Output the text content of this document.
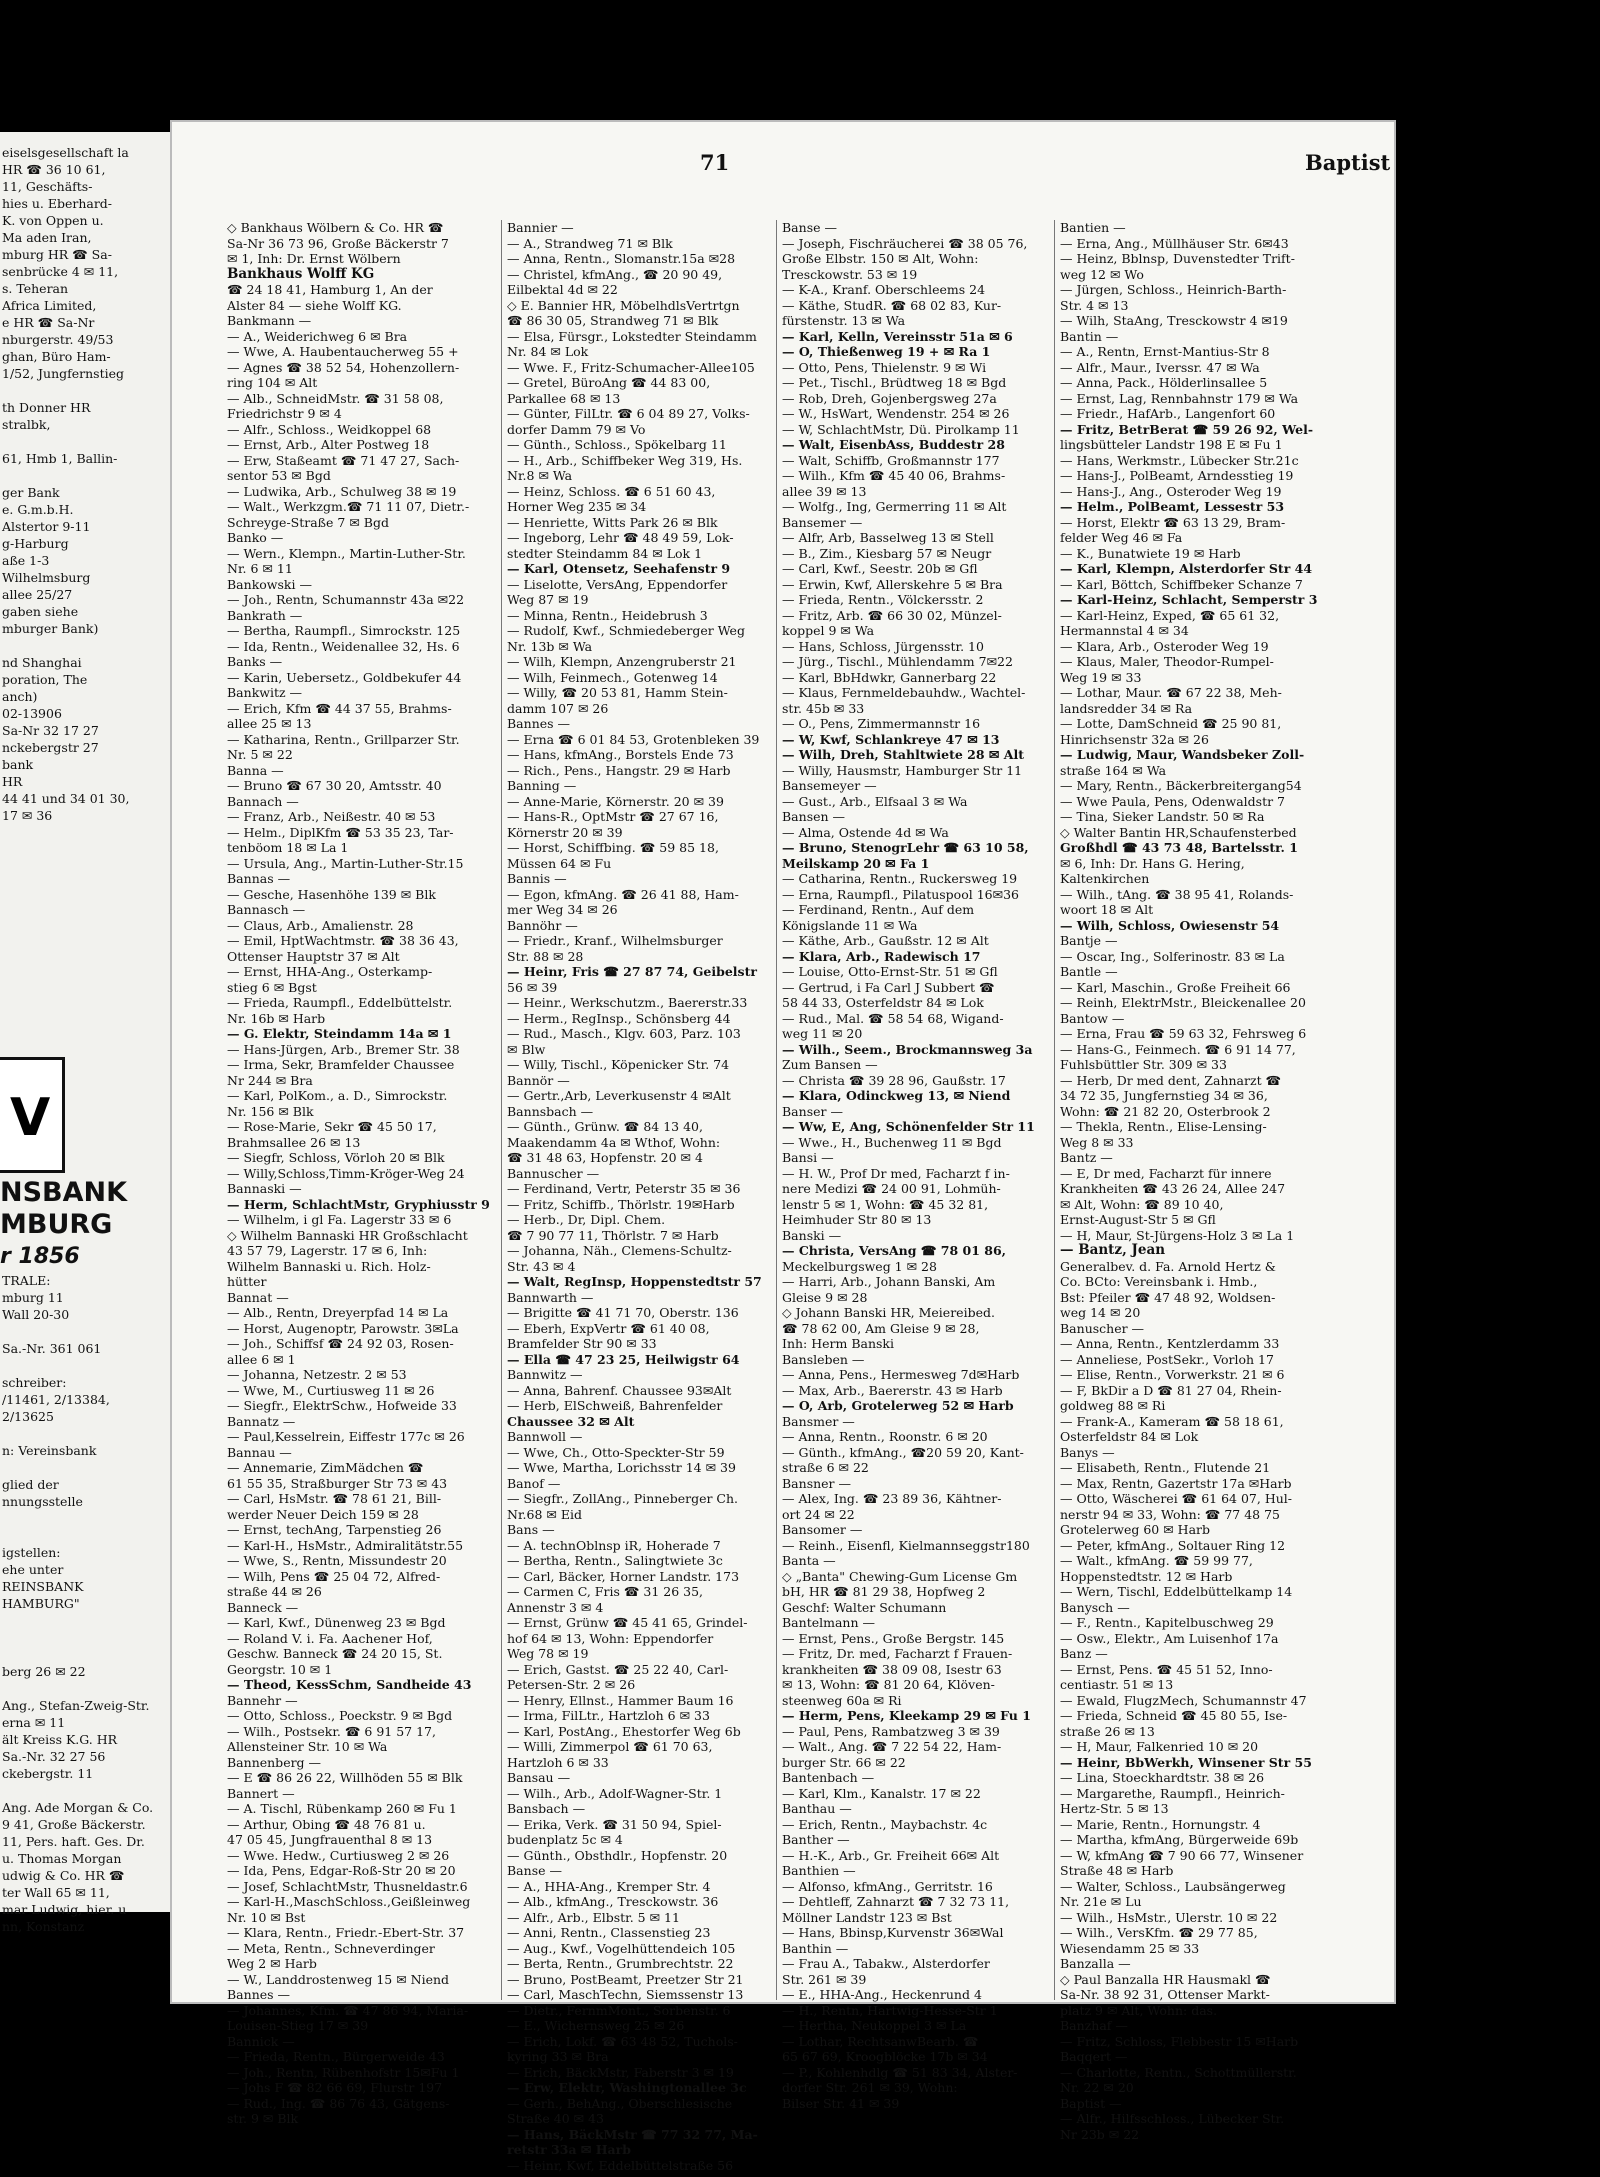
eiselsgesellschaft la
HR ☎ 36 10 61,
11, Geschäfts-
hies u. Eberhard-
K. von Oppen u.
Ma aden Iran,
mburg HR ☎ Sa-
senbrücke 4 ✉ 11,
s. Teheran
Africa Limited,
e HR ☎ Sa-Nr
nburgerstr. 49/53
ghan, Büro Ham-
1/52, Jungfernstieg

th Donner HR
stralbk,

61, Hmb 1, Ballin-

ger Bank
e. G.m.b.H.
Alstertor 9-11
g-Harburg
aße 1-3
Wilhelmsburg
allee 25/27
gaben siehe
mburger Bank)

nd Shanghai
poration, The
anch)
02-13906
Sa-Nr 32 17 27
nckebergstr 27
bank
HR
44 41 und 34 01 30,
17 ✉ 36
V
NSBANK
MBURG
r 1856
TRALE:
mburg 11
Wall 20-30

Sa.-Nr. 361 061

schreiber:
/11461, 2/13384,
2/13625

n: Vereinsbank

glied der
nnungsstelle

igstellen:
ehe unter
REINSBANK
HAMBURG"

berg 26 ✉ 22

Ang., Stefan-Zweig-Str.
erna ✉ 11
ält Kreiss K.G. HR
Sa.-Nr. 32 27 56
ckebergstr. 11

Ang. Ade Morgan & Co.
9 41, Große Bäckerstr.
11, Pers. haft. Ges. Dr.
u. Thomas Morgan
udwig & Co. HR ☎
ter Wall 65 ✉ 11,
mar Ludwig, hier. u
nn, Konstanz
71	Baptist
◇ Bankhaus Wölbern & Co. HR ☎
Sa-Nr 36 73 96, Große Bäckerstr 7
✉ 1, Inh: Dr. Ernst Wölbern
Bankhaus Wolff KG
☎ 24 18 41, Hamburg 1, An der
Alster 84 — siehe Wolff KG.
Bankmann —
— A., Weiderichweg 6 ✉ Bra
— Wwe, A. Haubentaucherweg 55 +
— Agnes ☎ 38 52 54, Hohenzollern-
ring 104 ✉ Alt
— Alb., SchneidMstr. ☎ 31 58 08,
Friedrichstr 9 ✉ 4
— Alfr., Schloss., Weidkoppel 68
— Ernst, Arb., Alter Postweg 18
— Erw, Staßeamt ☎ 71 47 27, Sach-
sentor 53 ✉ Bgd
— Ludwika, Arb., Schulweg 38 ✉ 19
— Walt., Werkzgm.☎ 71 11 07, Dietr.-
Schreyge-Straße 7 ✉ Bgd
Banko —
— Wern., Klempn., Martin-Luther-Str.
Nr. 6 ✉ 11
Bankowski —
— Joh., Rentn, Schumannstr 43a ✉22
Bankrath —
— Bertha, Raumpfl., Simrockstr. 125
— Ida, Rentn., Weidenallee 32, Hs. 6
Banks —
— Karin, Uebersetz., Goldbekufer 44
Bankwitz —
— Erich, Kfm ☎ 44 37 55, Brahms-
allee 25 ✉ 13
— Katharina, Rentn., Grillparzer Str.
Nr. 5 ✉ 22
Banna —
— Bruno ☎ 67 30 20, Amtsstr. 40
Bannach —
— Franz, Arb., Neißestr. 40 ✉ 53
— Helm., DiplKfm ☎ 53 35 23, Tar-
tenböom 18 ✉ La 1
— Ursula, Ang., Martin-Luther-Str.15
Bannas —
— Gesche, Hasenhöhe 139 ✉ Blk
Bannasch —
— Claus, Arb., Amalienstr. 28
— Emil, HptWachtmstr. ☎ 38 36 43,
Ottenser Hauptstr 37 ✉ Alt
— Ernst, HHA-Ang., Osterkamp-
stieg 6 ✉ Bgst
— Frieda, Raumpfl., Eddelbüttelstr.
Nr. 16b ✉ Harb
— G. Elektr, Steindamm 14a ✉ 1
— Hans-Jürgen, Arb., Bremer Str. 38
— Irma, Sekr, Bramfelder Chaussee
Nr 244 ✉ Bra
— Karl, PolKom., a. D., Simrockstr.
Nr. 156 ✉ Blk
— Rose-Marie, Sekr ☎ 45 50 17,
Brahmsallee 26 ✉ 13
— Siegfr, Schloss, Vörloh 20 ✉ Blk
— Willy,Schloss,Timm-Kröger-Weg 24
Bannaski —
— Herm, SchlachtMstr, Gryphiusstr 9
— Wilhelm, i gl Fa. Lagerstr 33 ✉ 6
◇ Wilhelm Bannaski HR Großschlacht
43 57 79, Lagerstr. 17 ✉ 6, Inh:
Wilhelm Bannaski u. Rich. Holz-
hütter
Bannat —
— Alb., Rentn, Dreyerpfad 14 ✉ La
— Horst, Augenoptr, Parowstr. 3✉La
— Joh., Schiffsf ☎ 24 92 03, Rosen-
allee 6 ✉ 1
— Johanna, Netzestr. 2 ✉ 53
— Wwe, M., Curtiusweg 11 ✉ 26
— Siegfr., ElektrSchw., Hofweide 33
Bannatz —
— Paul,Kesselrein, Eiffestr 177c ✉ 26
Bannau —
— Annemarie, ZimMädchen ☎
61 55 35, Straßburger Str 73 ✉ 43
— Carl, HsMstr. ☎ 78 61 21, Bill-
werder Neuer Deich 159 ✉ 28
— Ernst, techAng, Tarpenstieg 26
— Karl-H., HsMstr., Admiralitätstr.55
— Wwe, S., Rentn, Missundestr 20
— Wilh, Pens ☎ 25 04 72, Alfred-
straße 44 ✉ 26
Banneck —
— Karl, Kwf., Dünenweg 23 ✉ Bgd
— Roland V. i. Fa. Aachener Hof,
Geschw. Banneck ☎ 24 20 15, St.
Georgstr. 10 ✉ 1
— Theod, KessSchm, Sandheide 43
Bannehr —
— Otto, Schloss., Poeckstr. 9 ✉ Bgd
— Wilh., Postsekr. ☎ 6 91 57 17,
Allensteiner Str. 10 ✉ Wa
Bannenberg —
— E ☎ 86 26 22, Willhöden 55 ✉ Blk
Bannert —
— A. Tischl, Rübenkamp 260 ✉ Fu 1
— Arthur, Obing ☎ 48 76 81 u.
47 05 45, Jungfrauenthal 8 ✉ 13
— Wwe. Hedw., Curtiusweg 2 ✉ 26
— Ida, Pens, Edgar-Roß-Str 20 ✉ 20
— Josef, SchlachtMstr, Thusneldastr.6
— Karl-H.,MaschSchloss.,Geißleinweg
Nr. 10 ✉ Bst
— Klara, Rentn., Friedr.-Ebert-Str. 37
— Meta, Rentn., Schneverdinger
Weg 2 ✉ Harb
— W., Landdrostenweg 15 ✉ Niend
Bannes —
— Johannes, Kfm. ☎ 47 86 94, Maria-
Louisen-Stieg 17 ✉ 39
Bannick —
— Frieda, Rentn., Bürgerweide 43
— Joh., Rentn, Rübenhofstr 15✉Fu 1
— Johs F ☎ 82 66 69, Flurstr 197
— Rud., Ing. ☎ 86 76 43, Gätgens-
str. 9 ✉ Blk
Bannier —
— A., Strandweg 71 ✉ Blk
— Anna, Rentn., Slomanstr.15a ✉28
— Christel, kfmAng., ☎ 20 90 49,
Eilbektal 4d ✉ 22
◇ E. Bannier HR, MöbelhdlsVertrtgn
☎ 86 30 05, Strandweg 71 ✉ Blk
— Elsa, Fürsgr., Lokstedter Steindamm
Nr. 84 ✉ Lok
— Wwe. F., Fritz-Schumacher-Allee105
— Gretel, BüroAng ☎ 44 83 00,
Parkallee 68 ✉ 13
— Günter, FilLtr. ☎ 6 04 89 27, Volks-
dorfer Damm 79 ✉ Vo
— Günth., Schloss., Spökelbarg 11
— H., Arb., Schiffbeker Weg 319, Hs.
Nr.8 ✉ Wa
— Heinz, Schloss. ☎ 6 51 60 43,
Horner Weg 235 ✉ 34
— Henriette, Witts Park 26 ✉ Blk
— Ingeborg, Lehr ☎ 48 49 59, Lok-
stedter Steindamm 84 ✉ Lok 1
— Karl, Otensetz, Seehafenstr 9
— Liselotte, VersAng, Eppendorfer
Weg 87 ✉ 19
— Minna, Rentn., Heidebrush 3
— Rudolf, Kwf., Schmiedeberger Weg
Nr. 13b ✉ Wa
— Wilh, Klempn, Anzengruberstr 21
— Wilh, Feinmech., Gotenweg 14
— Willy, ☎ 20 53 81, Hamm Stein-
damm 107 ✉ 26
Bannes —
— Erna ☎ 6 01 84 53, Grotenbleken 39
— Hans, kfmAng., Borstels Ende 73
— Rich., Pens., Hangstr. 29 ✉ Harb
Banning —
— Anne-Marie, Körnerstr. 20 ✉ 39
— Hans-R., OptMstr ☎ 27 67 16,
Körnerstr 20 ✉ 39
— Horst, Schiffbing. ☎ 59 85 18,
Müssen 64 ✉ Fu
Bannis —
— Egon, kfmAng. ☎ 26 41 88, Ham-
mer Weg 34 ✉ 26
Bannöhr —
— Friedr., Kranf., Wilhelmsburger
Str. 88 ✉ 28
— Heinr, Fris ☎ 27 87 74, Geibelstr
56 ✉ 39
— Heinr., Werkschutzm., Baererstr.33
— Herm., RegInsp., Schönsberg 44
— Rud., Masch., Klgv. 603, Parz. 103
✉ Blw
— Willy, Tischl., Köpenicker Str. 74
Bannör —
— Gertr.,Arb, Leverkusenstr 4 ✉Alt
Bannsbach —
— Günth., Grünw. ☎ 84 13 40,
Maakendamm 4a ✉ Wthof, Wohn:
☎ 31 48 63, Hopfenstr. 20 ✉ 4
Bannuscher —
— Ferdinand, Vertr, Peterstr 35 ✉ 36
— Fritz, Schiffb., Thörlstr. 19✉Harb
— Herb., Dr, Dipl. Chem.
☎ 7 90 77 11, Thörlstr. 7 ✉ Harb
— Johanna, Näh., Clemens-Schultz-
Str. 43 ✉ 4
— Walt, RegInsp, Hoppenstedtstr 57
Bannwarth —
— Brigitte ☎ 41 71 70, Oberstr. 136
— Eberh, ExpVertr ☎ 61 40 08,
Bramfelder Str 90 ✉ 33
— Ella ☎ 47 23 25, Heilwigstr 64
Bannwitz —
— Anna, Bahrenf. Chaussee 93✉Alt
— Herb, ElSchweiß, Bahrenfelder
Chaussee 32 ✉ Alt
Bannwoll —
— Wwe, Ch., Otto-Speckter-Str 59
— Wwe, Martha, Lorichsstr 14 ✉ 39
Banof —
— Siegfr., ZollAng., Pinneberger Ch.
Nr.68 ✉ Eid
Bans —
— A. technOblnsp iR, Hoherade 7
— Bertha, Rentn., Salingtwiete 3c
— Carl, Bäcker, Horner Landstr. 173
— Carmen C, Fris ☎ 31 26 35,
Annenstr 3 ✉ 4
— Ernst, Grünw ☎ 45 41 65, Grindel-
hof 64 ✉ 13, Wohn: Eppendorfer
Weg 78 ✉ 19
— Erich, Gastst. ☎ 25 22 40, Carl-
Petersen-Str. 2 ✉ 26
— Henry, Ellnst., Hammer Baum 16
— Irma, FilLtr., Hartzloh 6 ✉ 33
— Karl, PostAng., Ehestorfer Weg 6b
— Willi, Zimmerpol ☎ 61 70 63,
Hartzloh 6 ✉ 33
Bansau —
— Wilh., Arb., Adolf-Wagner-Str. 1
Bansbach —
— Erika, Verk. ☎ 31 50 94, Spiel-
budenplatz 5c ✉ 4
— Günth., Obsthdlr., Hopfenstr. 20
Banse —
— A., HHA-Ang., Kremper Str. 4
— Alb., kfmAng., Tresckowstr. 36
— Alfr., Arb., Elbstr. 5 ✉ 11
— Anni, Rentn., Classenstieg 23
— Aug., Kwf., Vogelhüttendeich 105
— Berta, Rentn., Grumbrechtstr. 22
— Bruno, PostBeamt, Preetzer Str 21
— Carl, MaschTechn, Siemssenstr 13
— Dietr., FernmMont., Sorbenstr. 6
— E., Wichernsweg 25 ✉ 26
— Erich, Lokf. ☎ 63 48 52, Tuchols-
kyring 33 ✉ Bra
— Erich, BäckMstr, Faberstr 3 ✉ 19
— Erw, Elektr, Washingtonallee 3c
— Gerh., BehAng., Oberschlesische
Straße 40 ✉ 43
— Hans, BäckMstr ☎ 77 32 77, Ma-
retstr 33a ✉ Harb
— Heinr, Kwf, Eddelbüttelstraße 56
Banse —
— Joseph, Fischräucherei ☎ 38 05 76,
Große Elbstr. 150 ✉ Alt, Wohn:
Tresckowstr. 53 ✉ 19
— K-A., Kranf. Oberschleems 24
— Käthe, StudR. ☎ 68 02 83, Kur-
fürstenstr. 13 ✉ Wa
— Karl, Kelln, Vereinsstr 51a ✉ 6
— O, Thießenweg 19 + ✉ Ra 1
— Otto, Pens, Thielenstr. 9 ✉ Wi
— Pet., Tischl., Brüdtweg 18 ✉ Bgd
— Rob, Dreh, Gojenbergsweg 27a
— W., HsWart, Wendenstr. 254 ✉ 26
— W, SchlachtMstr, Dü. Pirolkamp 11
— Walt, EisenbAss, Buddestr 28
— Walt, Schiffb, Großmannstr 177
— Wilh., Kfm ☎ 45 40 06, Brahms-
allee 39 ✉ 13
— Wolfg., Ing, Germerring 11 ✉ Alt
Bansemer —
— Alfr, Arb, Basselweg 13 ✉ Stell
— B., Zim., Kiesbarg 57 ✉ Neugr
— Carl, Kwf., Seestr. 20b ✉ Gfl
— Erwin, Kwf, Allerskehre 5 ✉ Bra
— Frieda, Rentn., Völckersstr. 2
— Fritz, Arb. ☎ 66 30 02, Münzel-
koppel 9 ✉ Wa
— Hans, Schloss, Jürgensstr. 10
— Jürg., Tischl., Mühlendamm 7✉22
— Karl, BbHdwkr, Gannerbarg 22
— Klaus, Fernmeldebauhdw., Wachtel-
str. 45b ✉ 33
— O., Pens, Zimmermannstr 16
— W, Kwf, Schlankreye 47 ✉ 13
— Wilh, Dreh, Stahltwiete 28 ✉ Alt
— Willy, Hausmstr, Hamburger Str 11
Bansemeyer —
— Gust., Arb., Elfsaal 3 ✉ Wa
Bansen —
— Alma, Ostende 4d ✉ Wa
— Bruno, StenogrLehr ☎ 63 10 58,
Meilskamp 20 ✉ Fa 1
— Catharina, Rentn., Ruckersweg 19
— Erna, Raumpfl., Pilatuspool 16✉36
— Ferdinand, Rentn., Auf dem
Königslande 11 ✉ Wa
— Käthe, Arb., Gaußstr. 12 ✉ Alt
— Klara, Arb., Radewisch 17
— Louise, Otto-Ernst-Str. 51 ✉ Gfl
— Gertrud, i Fa Carl J Subbert ☎
58 44 33, Osterfeldstr 84 ✉ Lok
— Rud., Mal. ☎ 58 54 68, Wigand-
weg 11 ✉ 20
— Wilh., Seem., Brockmannsweg 3a
Zum Bansen —
— Christa ☎ 39 28 96, Gaußstr. 17
— Klara, Odinckweg 13, ✉ Niend
Banser —
— Ww, E, Ang, Schönenfelder Str 11
— Wwe., H., Buchenweg 11 ✉ Bgd
Bansi —
— H. W., Prof Dr med, Facharzt f in-
nere Medizi ☎ 24 00 91, Lohmüh-
lenstr 5 ✉ 1, Wohn: ☎ 45 32 81,
Heimhuder Str 80 ✉ 13
Banski —
— Christa, VersAng ☎ 78 01 86,
Meckelburgsweg 1 ✉ 28
— Harri, Arb., Johann Banski, Am
Gleise 9 ✉ 28
◇ Johann Banski HR, Meiereibed.
☎ 78 62 00, Am Gleise 9 ✉ 28,
Inh: Herm Banski
Bansleben —
— Anna, Pens., Hermesweg 7d✉Harb
— Max, Arb., Baererstr. 43 ✉ Harb
— O, Arb, Grotelerweg 52 ✉ Harb
Bansmer —
— Anna, Rentn., Roonstr. 6 ✉ 20
— Günth., kfmAng., ☎20 59 20, Kant-
straße 6 ✉ 22
Bansner —
— Alex, Ing. ☎ 23 89 36, Kähtner-
ort 24 ✉ 22
Bansomer —
— Reinh., Eisenfl, Kielmannseggstr180
Banta —
◇ „Banta" Chewing-Gum License Gm
bH, HR ☎ 81 29 38, Hopfweg 2
Geschf: Walter Schumann
Bantelmann —
— Ernst, Pens., Große Bergstr. 145
— Fritz, Dr. med, Facharzt f Frauen-
krankheiten ☎ 38 09 08, Isestr 63
✉ 13, Wohn: ☎ 81 20 64, Klöven-
steenweg 60a ✉ Ri
— Herm, Pens, Kleekamp 29 ✉ Fu 1
— Paul, Pens, Rambatzweg 3 ✉ 39
— Walt., Ang. ☎ 7 22 54 22, Ham-
burger Str. 66 ✉ 22
Bantenbach —
— Karl, Klm., Kanalstr. 17 ✉ 22
Banthau —
— Erich, Rentn., Maybachstr. 4c
Banther —
— H.-K., Arb., Gr. Freiheit 66✉ Alt
Banthien —
— Alfonso, kfmAng., Gerritstr. 16
— Dehtleff, Zahnarzt ☎ 7 32 73 11,
Möllner Landstr 123 ✉ Bst
— Hans, Bbinsp,Kurvenstr 36✉Wal
Banthin —
— Frau A., Tabakw., Alsterdorfer
Str. 261 ✉ 39
— E., HHA-Ang., Heckenrund 4
— H., Rentn, Hartwig-Hesse-Str 1
— Hertha, Neukoppel 3 ✉ La
— Lothar, RechtsanwBearb. ☎
65 67 69, Kroogblöcke 17b ✉ 34
— P., Kohlenhdlg ☎ 51 83 34, Alster-
dorfer Str. 261 ✉ 39, Wohn:
Bilser Str. 41 ✉ 39
Bantien —
— Erna, Ang., Müllhäuser Str. 6✉43
— Heinz, Bblnsp, Duvenstedter Trift-
weg 12 ✉ Wo
— Jürgen, Schloss., Heinrich-Barth-
Str. 4 ✉ 13
— Wilh, StaAng, Tresckowstr 4 ✉19
Bantin —
— A., Rentn, Ernst-Mantius-Str 8
— Alfr., Maur., Iverssr. 47 ✉ Wa
— Anna, Pack., Hölderlinsallee 5
— Ernst, Lag, Rennbahnstr 179 ✉ Wa
— Friedr., HafArb., Langenfort 60
— Fritz, BetrBerat ☎ 59 26 92, Wel-
lingsbütteler Landstr 198 E ✉ Fu 1
— Hans, Werkmstr., Lübecker Str.21c
— Hans-J., PolBeamt, Arndesstieg 19
— Hans-J., Ang., Osteroder Weg 19
— Helm., PolBeamt, Lessestr 53
— Horst, Elektr ☎ 63 13 29, Bram-
felder Weg 46 ✉ Fa
— K., Bunatwiete 19 ✉ Harb
— Karl, Klempn, Alsterdorfer Str 44
— Karl, Böttch, Schiffbeker Schanze 7
— Karl-Heinz, Schlacht, Semperstr 3
— Karl-Heinz, Exped, ☎ 65 61 32,
Hermannstal 4 ✉ 34
— Klara, Arb., Osteroder Weg 19
— Klaus, Maler, Theodor-Rumpel-
Weg 19 ✉ 33
— Lothar, Maur. ☎ 67 22 38, Meh-
landsredder 34 ✉ Ra
— Lotte, DamSchneid ☎ 25 90 81,
Hinrichsenstr 32a ✉ 26
— Ludwig, Maur, Wandsbeker Zoll-
straße 164 ✉ Wa
— Mary, Rentn., Bäckerbreitergang54
— Wwe Paula, Pens, Odenwaldstr 7
— Tina, Sieker Landstr. 50 ✉ Ra
◇ Walter Bantin HR,Schaufensterbed
Großhdl ☎ 43 73 48, Bartelsstr. 1
✉ 6, Inh: Dr. Hans G. Hering,
Kaltenkirchen
— Wilh., tAng. ☎ 38 95 41, Rolands-
woort 18 ✉ Alt
— Wilh, Schloss, Owiesenstr 54
Bantje —
— Oscar, Ing., Solferinostr. 83 ✉ La
Bantle —
— Karl, Maschin., Große Freiheit 66
— Reinh, ElektrMstr., Bleickenallee 20
Bantow —
— Erna, Frau ☎ 59 63 32, Fehrsweg 6
— Hans-G., Feinmech. ☎ 6 91 14 77,
Fuhlsbüttler Str. 309 ✉ 33
— Herb, Dr med dent, Zahnarzt ☎
34 72 35, Jungfernstieg 34 ✉ 36,
Wohn: ☎ 21 82 20, Osterbrook 2
— Thekla, Rentn., Elise-Lensing-
Weg 8 ✉ 33
Bantz —
— E, Dr med, Facharzt für innere
Krankheiten ☎ 43 26 24, Allee 247
✉ Alt, Wohn: ☎ 89 10 40,
Ernst-August-Str 5 ✉ Gfl
— H, Maur, St-Jürgens-Holz 3 ✉ La 1
— Bantz, Jean
Generalbev. d. Fa. Arnold Hertz &
Co. BCto: Vereinsbank i. Hmb.,
Bst: Pfeiler ☎ 47 48 92, Woldsen-
weg 14 ✉ 20
Banuscher —
— Anna, Rentn., Kentzlerdamm 33
— Anneliese, PostSekr., Vorloh 17
— Elise, Rentn., Vorwerkstr. 21 ✉ 6
— F, BkDir a D ☎ 81 27 04, Rhein-
goldweg 88 ✉ Ri
— Frank-A., Kameram ☎ 58 18 61,
Osterfeldstr 84 ✉ Lok
Banys —
— Elisabeth, Rentn., Flutende 21
— Max, Rentn, Gazertstr 17a ✉Harb
— Otto, Wäscherei ☎ 61 64 07, Hul-
nerstr 94 ✉ 33, Wohn: ☎ 77 48 75
Grotelerweg 60 ✉ Harb
— Peter, kfmAng., Soltauer Ring 12
— Walt., kfmAng. ☎ 59 99 77,
Hoppenstedtstr. 12 ✉ Harb
— Wern, Tischl, Eddelbüttelkamp 14
Banysch —
— F., Rentn., Kapitelbuschweg 29
— Osw., Elektr., Am Luisenhof 17a
Banz —
— Ernst, Pens. ☎ 45 51 52, Inno-
centiastr. 51 ✉ 13
— Ewald, FlugzMech, Schumannstr 47
— Frieda, Schneid ☎ 45 80 55, Ise-
straße 26 ✉ 13
— H, Maur, Falkenried 10 ✉ 20
— Heinr, BbWerkh, Winsener Str 55
— Lina, Stoeckhardtstr. 38 ✉ 26
— Margarethe, Raumpfl., Heinrich-
Hertz-Str. 5 ✉ 13
— Marie, Rentn., Hornungstr. 4
— Martha, kfmAng, Bürgerweide 69b
— W, kfmAng ☎ 7 90 66 77, Winsener
Straße 48 ✉ Harb
— Walter, Schloss., Laubsängerweg
Nr. 21e ✉ Lu
— Wilh., HsMstr., Ulerstr. 10 ✉ 22
— Wilh., VersKfm. ☎ 29 77 85,
Wiesendamm 25 ✉ 33
Banzalla —
◇ Paul Banzalla HR Hausmakl ☎
Sa-Nr. 38 92 31, Ottenser Markt-
platz 9 ✉ Alt, Wohn: das.
Banzhaf —
— Fritz, Schloss, Flebbestr 15 ✉Harb
Baqqert —
— Charlotte, Rentn., Schottmüllerstr.
Nr. 22 ✉ 20
Baptist —
— Alfr., Hilfsschloss., Lübecker Str.
Nr 23b ✉ 22
